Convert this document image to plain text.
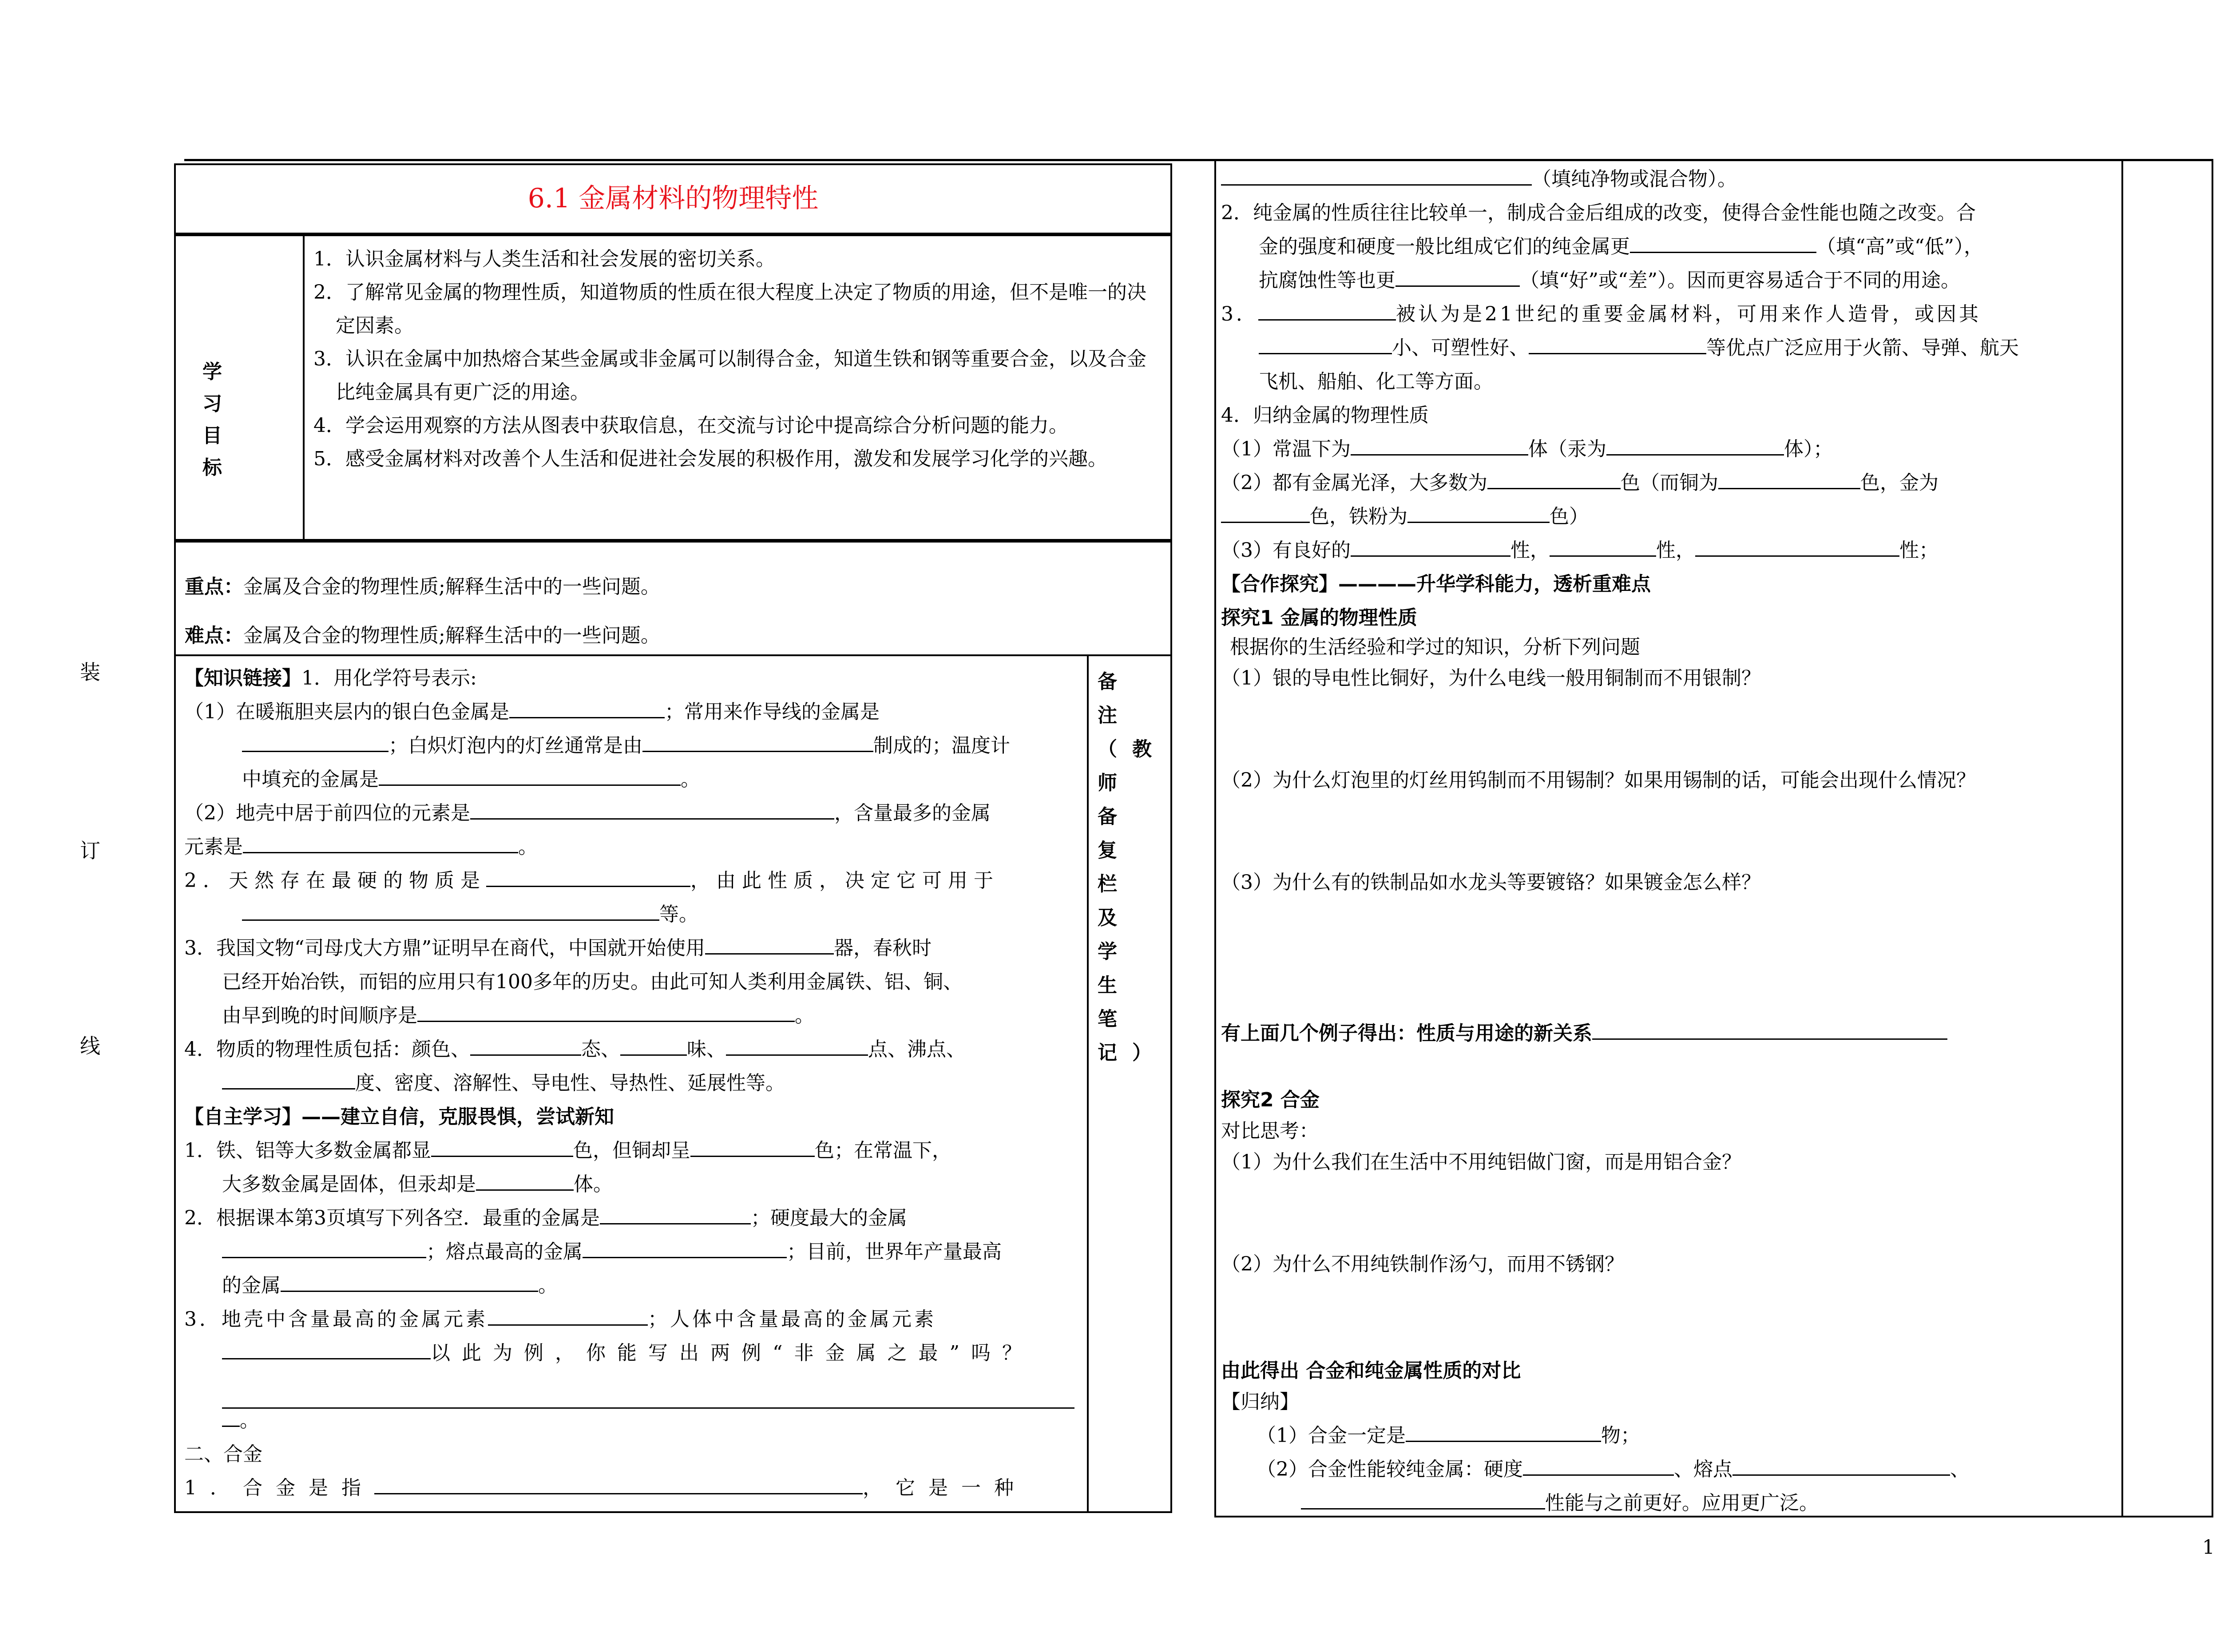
装
订
线
6.1 金属材料的物理特性
学习目标
1．认识金属材料与人类生活和社会发展的密切关系。
2．了解常见金属的物理性质，知道物质的性质在很大程度上决定了物质的用途，但不是唯一的决定因素。
3．认识在金属中加热熔合某些金属或非金属可以制得合金，知道生铁和钢等重要合金，以及合金比纯金属具有更广泛的用途。
4．学会运用观察的方法从图表中获取信息，在交流与讨论中提高综合分析问题的能力。
5．感受金属材料对改善个人生活和促进社会发展的积极作用，激发和发展学习化学的兴趣。
重点：金属及合金的物理性质;解释生活中的一些问题。
难点：金属及合金的物理性质;解释生活中的一些问题。
备注（教师备复栏及学生笔记）
【知识链接】1．用化学符号表示:
（1）在暖瓶胆夹层内的银白色金属是	；常用来作导线的金属是
；白炽灯泡内的灯丝通常是由	制成的；温度计
中填充的金属是	。
（2）地壳中居于前四位的元素是	，含量最多的金属
元素是	。
2．天然存在最硬的物质是	，由此性质，决定它可用于
等。
3．我国文物“司母戊大方鼎”证明早在商代，中国就开始使用	器，春秋时
已经开始冶铁，而铝的应用只有100多年的历史。由此可知人类利用金属铁、铝、铜、
由早到晚的时间顺序是	。
4．物质的物理性质包括：颜色、	态、	味、	点、沸点、
度、密度、溶解性、导电性、导热性、延展性等。
【自主学习】——建立自信，克服畏惧，尝试新知
1．铁、铝等大多数金属都显	色，但铜却呈	色；在常温下，
大多数金属是固体，但汞却是	体。
2．根据课本第3页填写下列各空．最重的金属是	；硬度最大的金属
；熔点最高的金属	；目前，世界年产量最高
的金属	。
3．地壳中含量最高的金属元素	；人体中含量最高的金属元素
以此为例，你能写出两例“非金属之最”吗？
。
二、合金
1．合金是指	，它是一种
（填纯净物或混合物）。
2．纯金属的性质往往比较单一，制成合金后组成的改变，使得合金性能也随之改变。合
金的强度和硬度一般比组成它们的纯金属更	（填“高”或“低”），
抗腐蚀性等也更	（填“好”或“差”）。因而更容易适合于不同的用途。
3．	被认为是21世纪的重要金属材料，可用来作人造骨，或因其
小、可塑性好、	等优点广泛应用于火箭、导弹、航天
飞机、船舶、化工等方面。
4．归纳金属的物理性质
（1）常温下为	体（汞为	体）；
（2）都有金属光泽，大多数为	色（而铜为	色，金为
色，铁粉为	色）
（3）有良好的	性，	性，	性；
【合作探究】————升华学科能力，透析重难点
探究1 金属的物理性质
根据你的生活经验和学过的知识，分析下列问题
（1）银的导电性比铜好，为什么电线一般用铜制而不用银制？
（2）为什么灯泡里的灯丝用钨制而不用锡制？如果用锡制的话，可能会出现什么情况？
（3）为什么有的铁制品如水龙头等要镀铬？如果镀金怎么样？
有上面几个例子得出：性质与用途的新关系
探究2 合金
对比思考：
（1）为什么我们在生活中不用纯铝做门窗，而是用铝合金？
（2）为什么不用纯铁制作汤勺，而用不锈钢？
由此得出 合金和纯金属性质的对比
【归纳】
（1）合金一定是	物；
（2）合金性能较纯金属：硬度	、熔点	、
性能与之前更好。应用更广泛。
1
